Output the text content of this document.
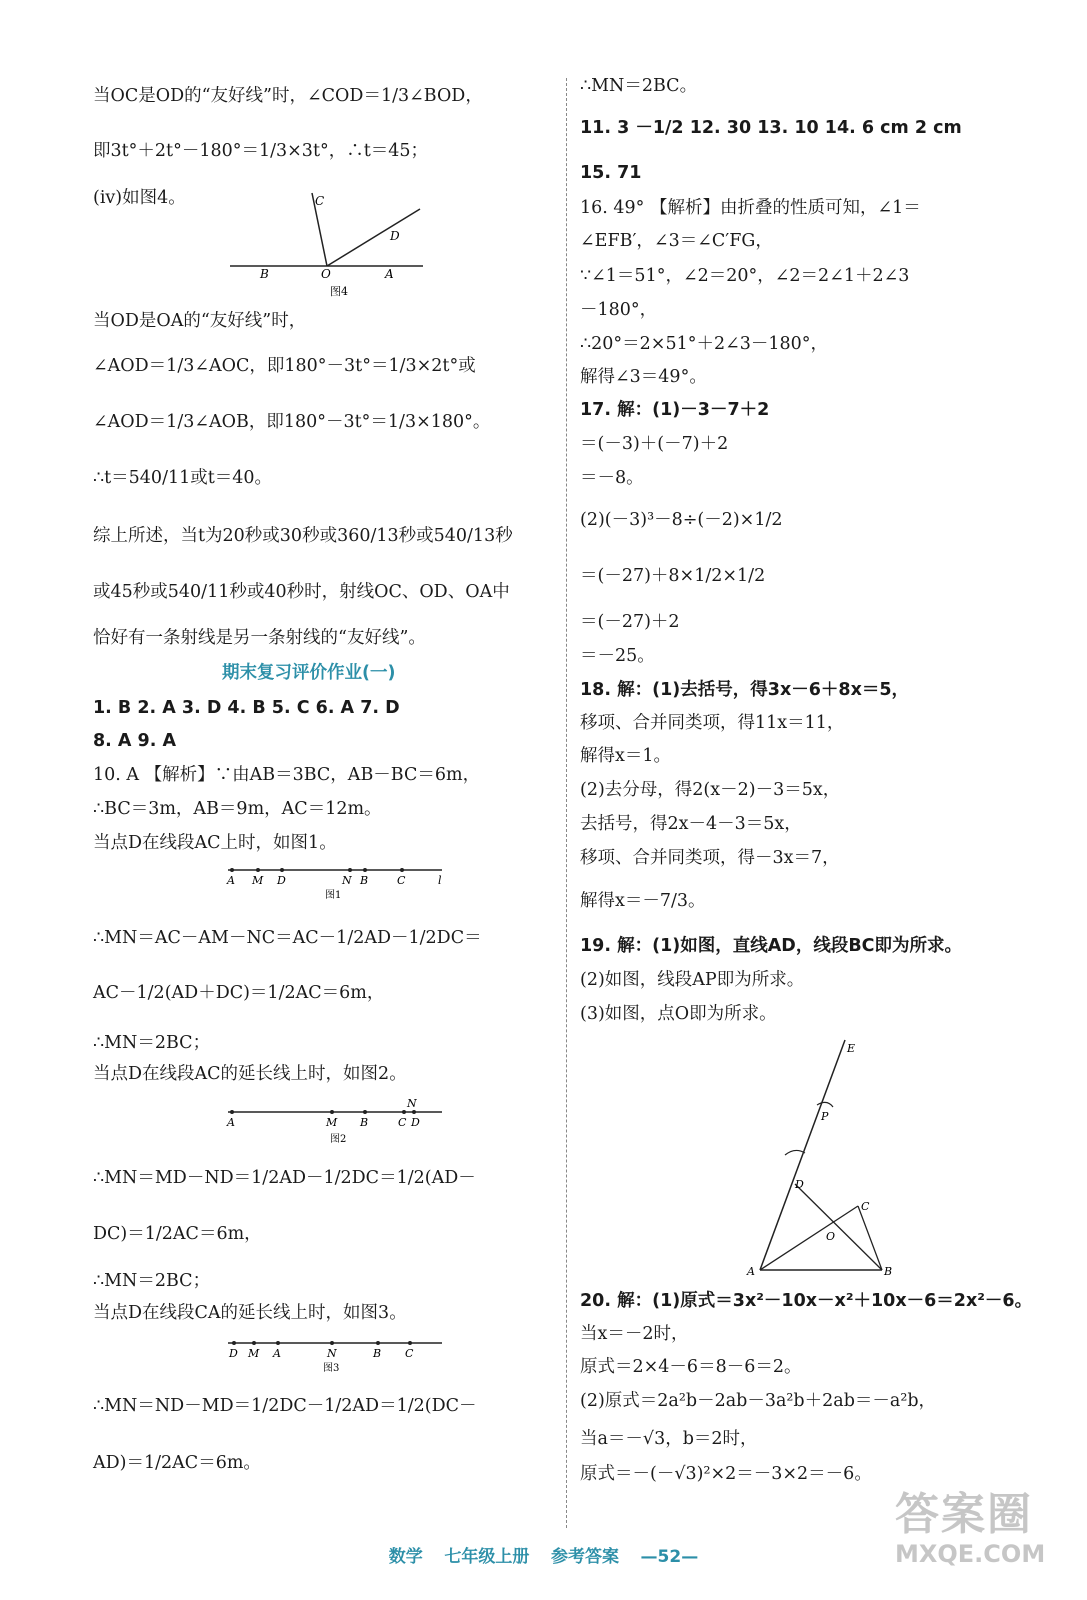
当OC是OD的“友好线”时，∠COD＝1/3∠BOD，
即3t°＋2t°－180°＝1/3×3t°，∴t＝45；
(iv)如图4。
当OD是OA的“友好线”时，
∠AOD＝1/3∠AOC，即180°－3t°＝1/3×2t°或
∠AOD＝1/3∠AOB，即180°－3t°＝1/3×180°。
∴t＝540/11或t＝40。
综上所述，当t为20秒或30秒或360/13秒或540/13秒
或45秒或540/11秒或40秒时，射线OC、OD、OA中
恰好有一条射线是另一条射线的“友好线”。
1. B 2. A 3. D 4. B 5. C 6. A 7. D
8. A 9. A
10. A 【解析】∵由AB＝3BC，AB－BC＝6m，
∴BC＝3m，AB＝9m，AC＝12m。
当点D在线段AC上时，如图1。
∴MN＝AC－AM－NC＝AC－1/2AD－1/2DC＝
AC－1/2(AD＋DC)＝1/2AC＝6m，
∴MN＝2BC；
当点D在线段AC的延长线上时，如图2。
∴MN＝MD－ND＝1/2AD－1/2DC＝1/2(AD－
DC)＝1/2AC＝6m，
∴MN＝2BC；
当点D在线段CA的延长线上时，如图3。
∴MN＝ND－MD＝1/2DC－1/2AD＝1/2(DC－
AD)＝1/2AC＝6m。
∴MN＝2BC。
11. 3 －1/2 12. 30 13. 10 14. 6 cm 2 cm
15. 71
16. 49° 【解析】由折叠的性质可知，∠1＝
∠EFB′，∠3＝∠C′FG，
∵∠1＝51°，∠2＝20°，∠2＝2∠1＋2∠3
－180°，
∴20°＝2×51°＋2∠3－180°，
解得∠3＝49°。
17. 解：(1)－3－7＋2
＝(－3)＋(－7)＋2
＝－8。
(2)(－3)³－8÷(－2)×1/2
＝(－27)＋8×1/2×1/2
＝(－27)＋2
＝－25。
18. 解：(1)去括号，得3x－6＋8x＝5，
移项、合并同类项，得11x＝11，
解得x＝1。
(2)去分母，得2(x－2)－3＝5x，
去括号，得2x－4－3＝5x，
移项、合并同类项，得－3x＝7，
解得x＝－7/3。
19. 解：(1)如图，直线AD，线段BC即为所求。
(2)如图，线段AP即为所求。
(3)如图，点O即为所求。
20. 解：(1)原式＝3x²－10x－x²＋10x－6＝2x²－6。
当x＝－2时，
原式＝2×4－6＝8－6＝2。
(2)原式＝2a²b－2ab－3a²b＋2ab＝－a²b，
当a＝－√3，b＝2时，
原式＝－(－√3)²×2＝－3×2＝－6。
期末复习评价作业(一)
C
D
B	O	A
图4
A M D	N B	C	l
图1
A	M B
N
C D
图2
D M A	N	B C
图3
E
P
D
C
O
A	B
数学 七年级上册 参考答案 —52—
答案圈
MXQE.COM
